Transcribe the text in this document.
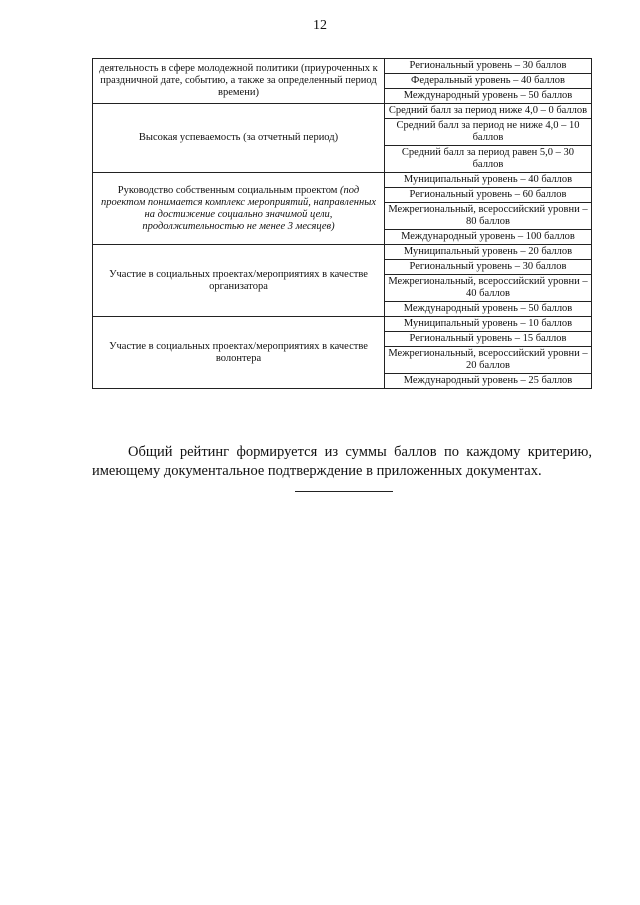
12
деятельность в сфере молодежной политики (приуроченных к праздничной дате, событию, а также за определенный период времени)	Региональный уровень – 30 баллов
	Федеральный уровень – 40 баллов
	Международный уровень – 50 баллов
Высокая успеваемость (за отчетный период)	Средний балл за период ниже 4,0 – 0 баллов
	Средний балл за период не ниже 4,0 – 10 баллов
	Средний балл за период равен 5,0 – 30 баллов
Руководство собственным социальным проектом (под проектом понимается комплекс мероприятий, направленных на достижение социально значимой цели, продолжительностью не менее 3 месяцев)	Муниципальный уровень – 40 баллов
	Региональный уровень – 60 баллов
	Межрегиональный, всероссийский уровни – 80 баллов
	Международный уровень – 100 баллов
Участие в социальных проектах/мероприятиях в качестве организатора	Муниципальный уровень – 20 баллов
	Региональный уровень – 30 баллов
	Межрегиональный, всероссийский уровни – 40 баллов
	Международный уровень – 50 баллов
Участие в социальных проектах/мероприятиях в качестве волонтера	Муниципальный уровень – 10 баллов
	Региональный уровень – 15 баллов
	Межрегиональный, всероссийский уровни – 20 баллов
	Международный уровень – 25 баллов

Общий рейтинг формируется из суммы баллов по каждому критерию, имеющему документальное подтверждение в приложенных документах.
